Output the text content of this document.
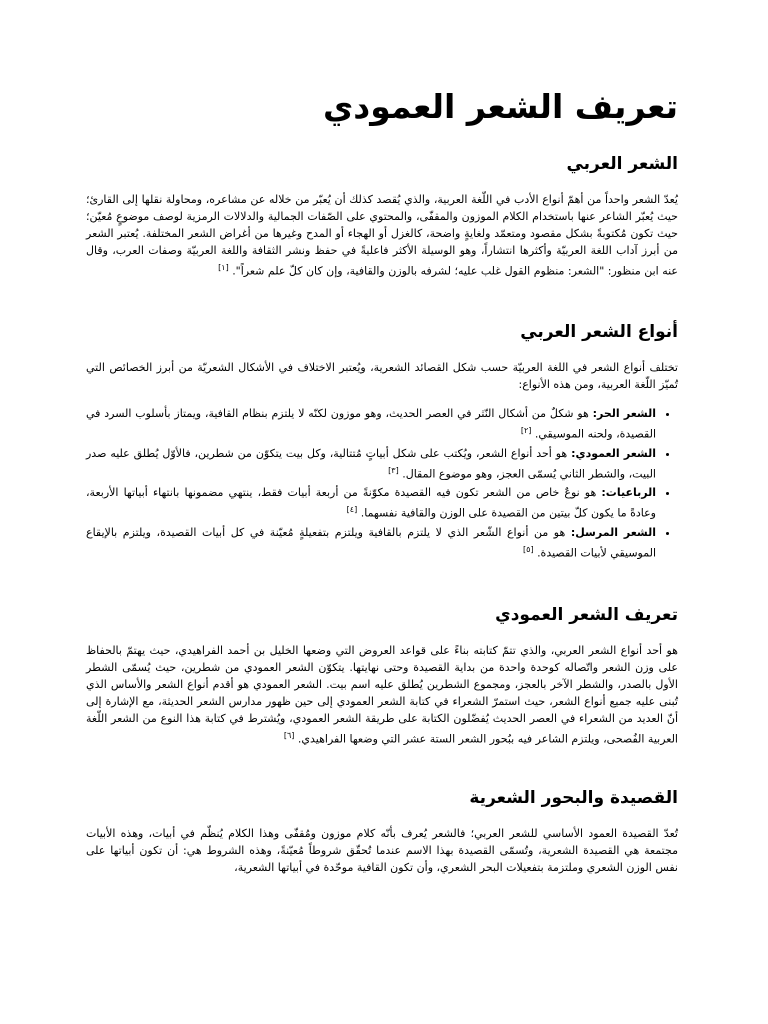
تعريف الشعر العمودي
الشعر العربي

يُعدّ الشعر واحداً من أهمّ أنواع الأدب في اللّغة العربية، والذي يُقصد كذلك أن يُعبّر من خلاله عن مشاعره، ومحاولة نقلها إلى القارئ؛ حيث يُعبّر الشاعر عنها باستخدام الكلام الموزون والمقفّى، والمحتوي على الصّفات الجمالية والدلالات الرمزية لوصف موضوعٍ مُعيّن؛ حيث تكون مُكتوبةً بشكل مقصود ومتعمّد ولغايةٍ واضحة، كالغزل أو الهجاء أو المدح وغيرها من أغراض الشعر المختلفة. يُعتبر الشعر من أبرز آداب اللغة العربيّة وأكثرها انتشاراً، وهو الوسيلة الأكثر فاعليةً في حفظ ونشر الثقافة واللغة العربيّة وصفات العرب، وقال عنه ابن منظور: "الشعر: منظوم القول غلب عليه؛ لشرفه بالوزن والقافية، وإن كان كلّ علم شعراً". [١]

أنواع الشعر العربي

تختلف أنواع الشعر في اللغة العربيّة حسب شكل القصائد الشعرية، ويُعتبر الاختلاف في الأشكال الشعريّة من أبرز الخصائص التي تُميّز اللّغة العربية، ومن هذه الأنواع:

• الشعر الحر: هو شكلٌ من أشكال النّثر في العصر الحديث، وهو موزون لكنّه لا يلتزم بنظام القافية، ويمتاز بأسلوب السرد في القصيدة، ولحنه الموسيقي. [٢]
• الشعر العمودي: هو أحد أنواع الشعر، ويُكتب على شكل أبياتٍ مُتتالية، وكل بيت يتكوّن من شطرين، فالأوّل يُطلق عليه صدر البيت، والشطر الثاني يُسمّى العجز، وهو موضوع المقال. [٣]
• الرباعيات: هو نوعٌ خاص من الشعر تكون فيه القصيدة مكوّنةً من أربعة أبيات فقط، ينتهي مضمونها بانتهاء أبياتها الأربعة، وعادةً ما يكون كلّ بيتين من القصيدة على الوزن والقافية نفسهما. [٤]
• الشعر المرسل: هو من أنواع الشّعر الذي لا يلتزم بالقافية ويلتزم بتفعيلةٍ مُعيّنة في كل أبيات القصيدة، ويلتزم بالإيقاع الموسيقي لأبيات القصيدة. [٥]
تعريف الشعر العمودي

هو أحد أنواع الشعر العربي، والذي تتمّ كتابته بناءً على قواعد العروض التي وضعها الخليل بن أحمد الفراهيدي، حيث يهتمّ بالحفاظ على وزن الشعر واتّصاله كوحدة واحدة من بداية القصيدة وحتى نهايتها. يتكوّن الشعر العمودي من شطرين، حيث يُسمّى الشطر الأول بالصدر، والشطر الآخر بالعجز، ومجموع الشطرين يُطلق عليه اسم بيت. الشعر العمودي هو أقدم أنواع الشعر والأساس الذي تُبنى عليه جميع أنواع الشعر، حيث استمرّ الشعراء في كتابة الشعر العمودي إلى حين ظهور مدارس الشعر الحديثة، مع الإشارة إلى أنّ العديد من الشعراء في العصر الحديث يُفضّلون الكتابة على طريقة الشعر العمودي، ويُشترط في كتابة هذا النوع من الشعر اللّغة العربية الفُصحى، ويلتزم الشاعر فيه ببُحور الشعر الستة عشر التي وضعها الفراهيدي. [٦]

القصيدة والبحور الشعرية

تُعدّ القصيدة العمود الأساسي للشعر العربي؛ فالشعر يُعرف بأنّه كلام موزون ومُقفّى وهذا الكلام يُنظّم في أبيات، وهذه الأبيات مجتمعة هي القصيدة الشعرية، وتُسمّى القصيدة بهذا الاسم عندما تُحقّق شروطاً مُعيّنةً، وهذه الشروط هي: أن تكون أبياتها على نفس الوزن الشعري وملتزمة بتفعيلات البحر الشعري، وأن تكون القافية موحّدة في أبياتها الشعرية،
